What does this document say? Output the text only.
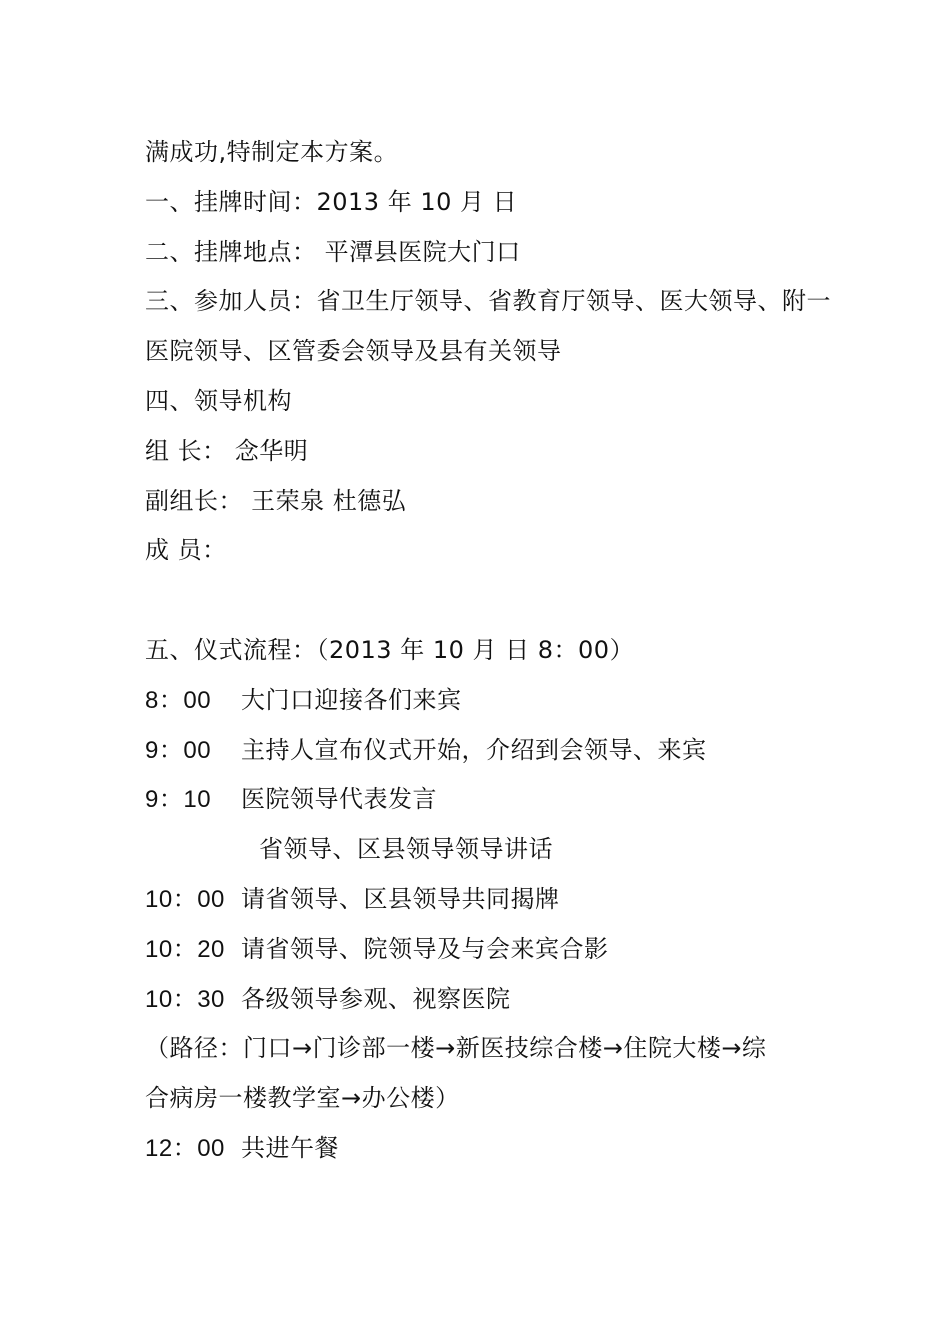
满成功,特制定本方案。
一、挂牌时间：2013 年 10 月 日
二、挂牌地点： 平潭县医院大门口
三、参加人员：省卫生厅领导、省教育厅领导、医大领导、附一
医院领导、区管委会领导及县有关领导
四、领导机构
组 长： 念华明
副组长： 王荣泉 杜德弘
成 员：
五、仪式流程：（2013 年 10 月 日 8：00）
8：00 大门口迎接各们来宾
9：00 主持人宣布仪式开始，介绍到会领导、来宾
9：10 医院领导代表发言
省领导、区县领导领导讲话
10：00 请省领导、区县领导共同揭牌
10：20 请省领导、院领导及与会来宾合影
10：30 各级领导参观、视察医院
（路径：门口→门诊部一楼→新医技综合楼→住院大楼→综
合病房一楼教学室→办公楼）
12：00 共进午餐
